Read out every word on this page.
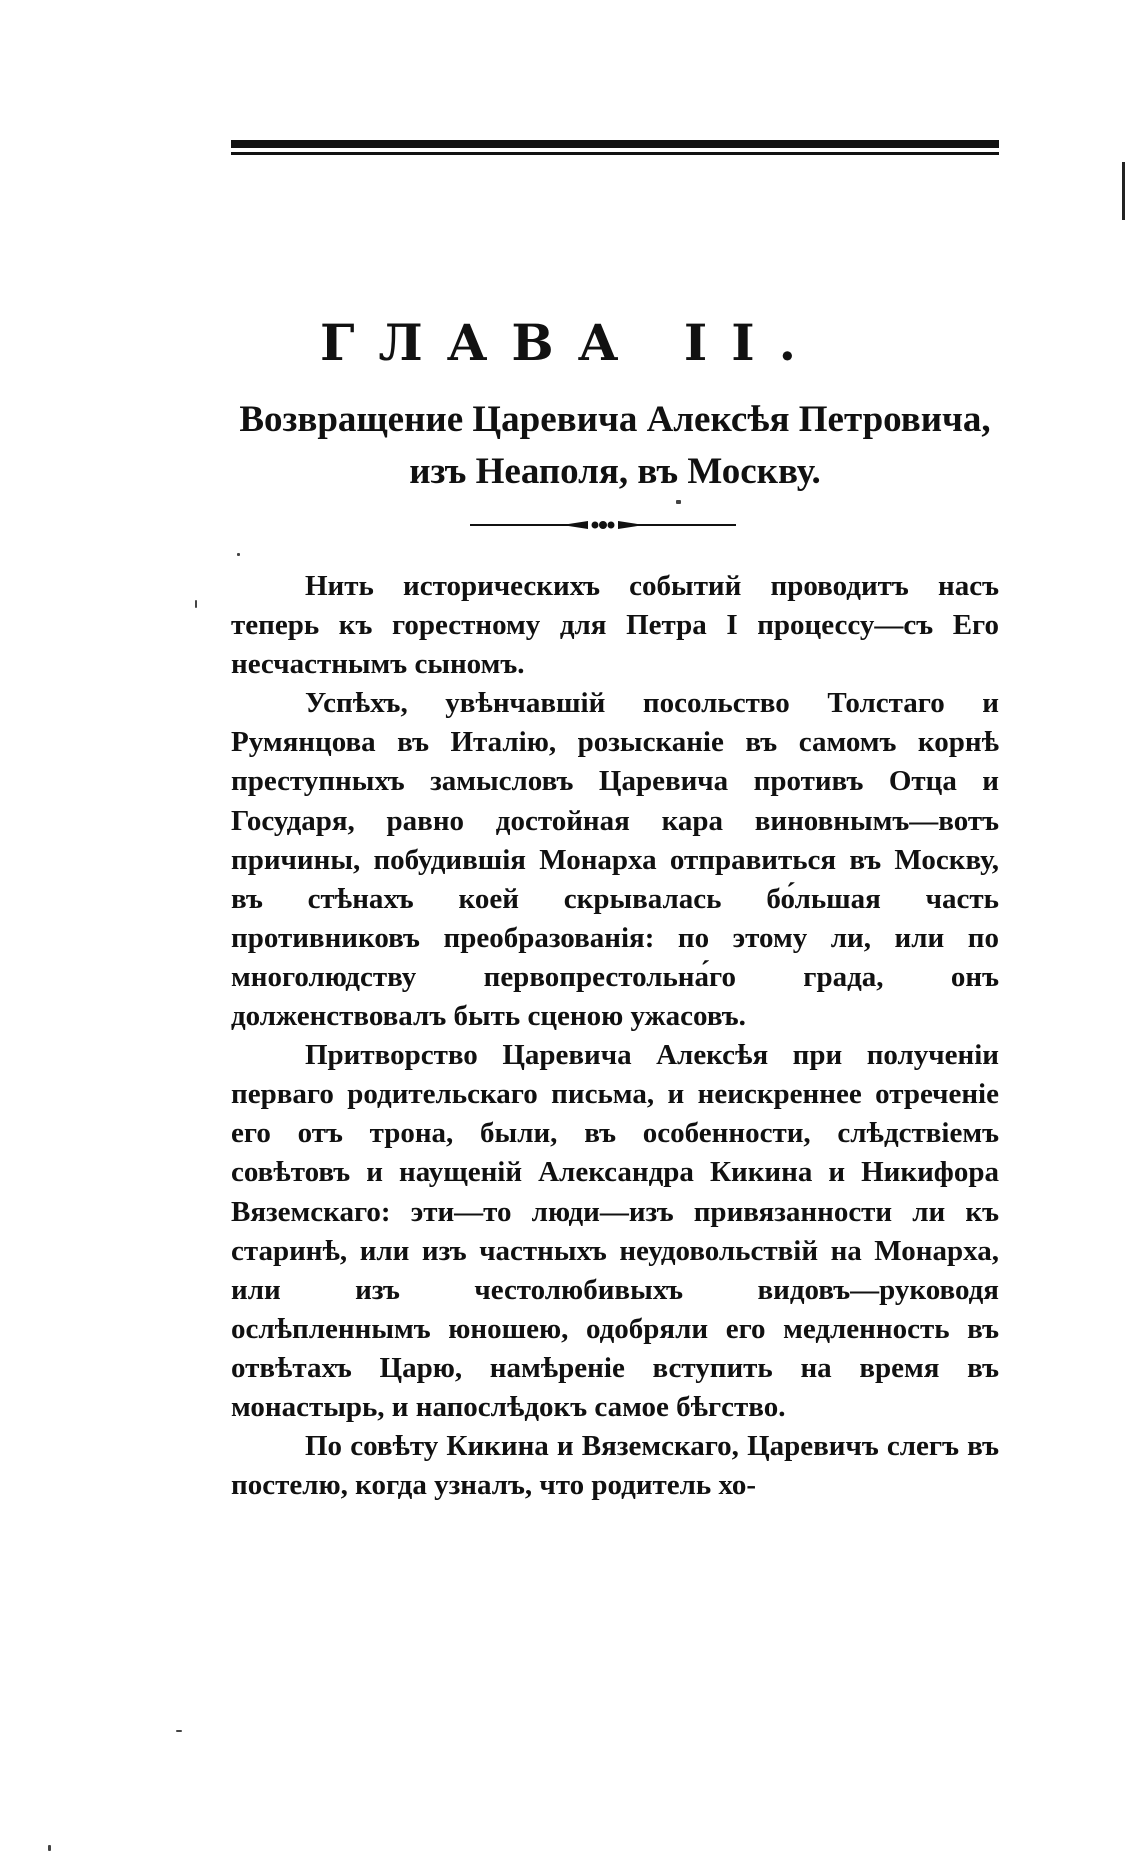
ГЛАВА II.
Возвращение Царевича Алексѣя Петровича,
изъ Неаполя, въ Москву.

Нить историческихъ событий проводитъ насъ теперь къ горестному для Петра I процессу—съ Его несчастнымъ сыномъ.

Успѣхъ, увѣнчавшій посольство Толстаго и Румянцова въ Италію, розысканіе въ самомъ корнѣ преступныхъ замысловъ Царевича противъ Отца и Государя, равно достойная кара виновнымъ—вотъ причины, побудившія Монарха отправиться въ Москву, въ стѣнахъ коей скрывалась бо́льшая часть противниковъ преобразованія: по этому ли, или по многолюдству первопрестольна́го града, онъ долженствовалъ быть сценою ужасовъ.

Притворство Царевича Алексѣя при полученіи перваго родительскаго письма, и неискреннее отреченіе его отъ трона, были, въ особенности, слѣдствіемъ совѣтовъ и наущеній Александра Кикина и Никифора Вяземскаго: эти—то люди—изъ привязанности ли къ старинѣ, или изъ частныхъ неудовольствій на Монарха, или изъ честолюбивыхъ видовъ—руководя ослѣпленнымъ юношею, одобряли его медленность въ отвѣтахъ Царю, намѣреніе вступить на время въ монастырь, и напослѣдокъ самое бѣгство.

По совѣту Кикина и Вяземскаго, Царевичъ слегъ въ постелю, когда узналъ, что родитель хо-
